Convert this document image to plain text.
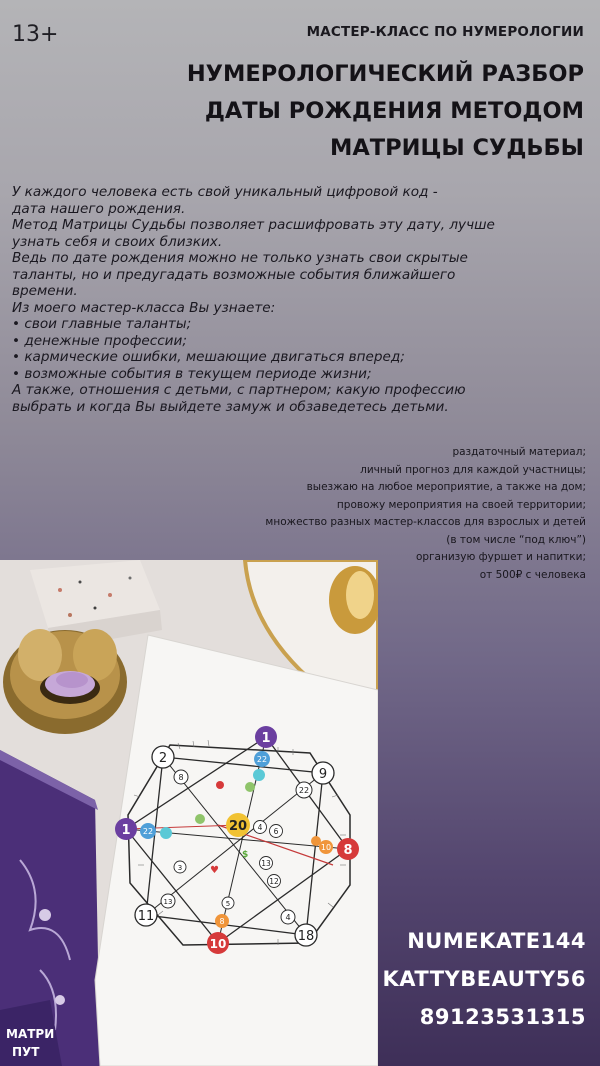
13+	МАСТЕР-КЛАСС ПО НУМЕРОЛОГИИ
НУМЕРОЛОГИЧЕСКИЙ РАЗБОР
ДАТЫ РОЖДЕНИЯ МЕТОДОМ
МАТРИЦЫ СУДЬБЫ

У каждого человека есть свой уникальный цифровой код -

дата нашего рождения.

Метод Матрицы Судьбы позволяет расшифровать эту дату, лучше

узнать себя и своих близких.

Ведь по дате рождения можно не только узнать свои скрытые

таланты, но и предугадать возможные события ближайшего

времени.

Из моего мастер-класса Вы узнаете:

• свои главные таланты;

• денежные профессии;

• кармические ошибки, мешающие двигаться вперед;

• возможные события в текущем периоде жизни;

А также, отношения с детьми, с партнером; какую профессию

выбрать и когда Вы выйдете замуж и обзаведетесь детьми.

раздаточный материал;

личный прогноз для каждой участницы;

выезжаю на любое мероприятие, а также на дом;

провожу мероприятия на своей территории;

множество разных мастер-классов для взрослых и детей

(в том числе “под ключ”)

организую фуршет и напитки;

от 500₽ с человека

МАТРИ
ПУТ
1
22
1 22
8
10
10
8
20
2
8	9
22
11
13
18
4
4 6
13
12
3
5
♥
$
NUMEKATE144
KATTYBEAUTY56
89123531315
